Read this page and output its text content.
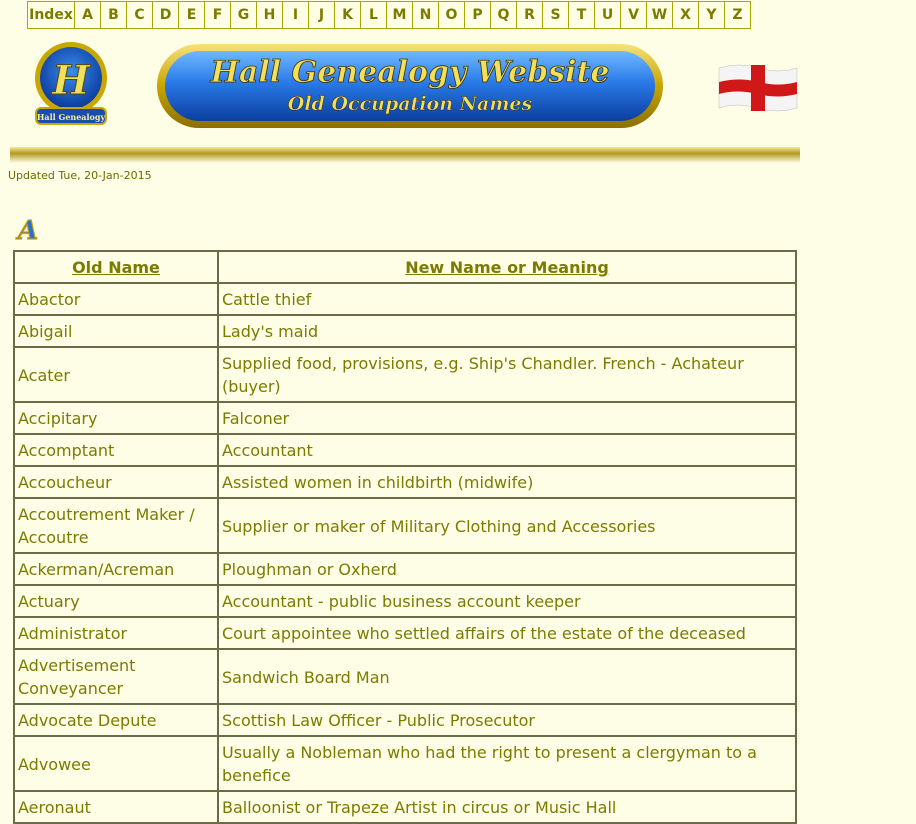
Index A	B	C	D	E	F	G	H	I	J	K	L	M N	O	P	Q	R	S	T	U	V W X	Y	Z
H
Hall Genealogy
Hall Genealogy Website
Old Occupation Names
Updated Tue, 20-Jan-2015
A
Old Name	New Name or Meaning
Abactor	Cattle thief
Abigail	Lady's maid
Acater	Supplied food, provisions, e.g. Ship's Chandler. French - Achateur (buyer)
Accipitary	Falconer
Accomptant	Accountant
Accoucheur	Assisted women in childbirth (midwife)
Accoutrement Maker / Accoutre	Supplier or maker of Military Clothing and Accessories
Ackerman/Acreman	Ploughman or Oxherd
Actuary	Accountant - public business account keeper
Administrator	Court appointee who settled affairs of the estate of the deceased
Advertisement Conveyancer	Sandwich Board Man
Advocate Depute	Scottish Law Officer - Public Prosecutor
Advowee	Usually a Nobleman who had the right to present a clergyman to a benefice
Aeronaut	Balloonist or Trapeze Artist in circus or Music Hall
